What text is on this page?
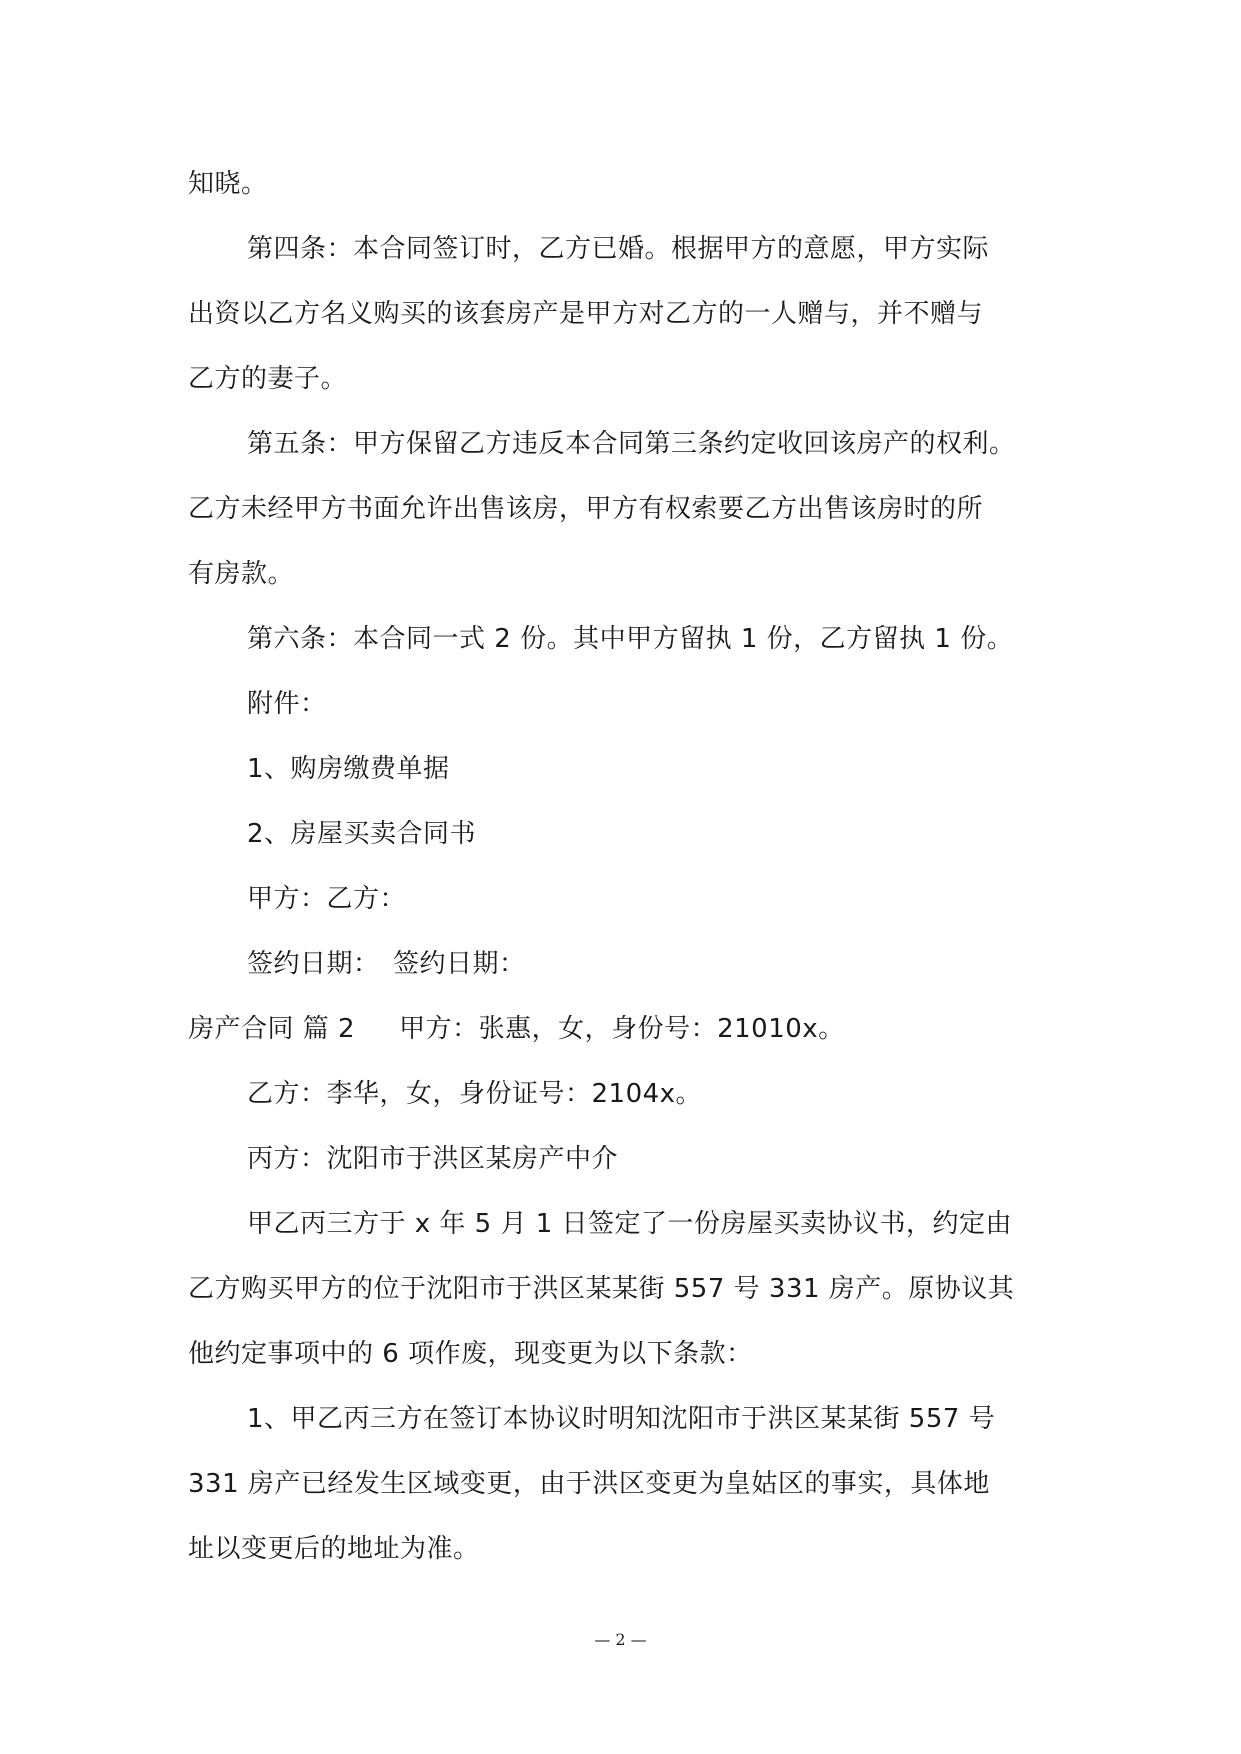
知晓。
第四条：本合同签订时，乙方已婚。根据甲方的意愿，甲方实际
出资以乙方名义购买的该套房产是甲方对乙方的一人赠与，并不赠与
乙方的妻子。
第五条：甲方保留乙方违反本合同第三条约定收回该房产的权利。
乙方未经甲方书面允许出售该房，甲方有权索要乙方出售该房时的所
有房款。
第六条：本合同一式 2 份。其中甲方留执 1 份，乙方留执 1 份。
附件：
1、购房缴费单据
2、房屋买卖合同书
甲方：乙方：
签约日期：　签约日期：
房产合同 篇 2 甲方：张惠，女，身份号：21010x。
乙方：李华，女，身份证号：2104x。
丙方：沈阳市于洪区某房产中介
甲乙丙三方于 x 年 5 月 1 日签定了一份房屋买卖协议书，约定由
乙方购买甲方的位于沈阳市于洪区某某街 557 号 331 房产。原协议其
他约定事项中的 6 项作废，现变更为以下条款：
1、甲乙丙三方在签订本协议时明知沈阳市于洪区某某街 557 号
331 房产已经发生区域变更，由于洪区变更为皇姑区的事实，具体地
址以变更后的地址为准。
— 2 —
